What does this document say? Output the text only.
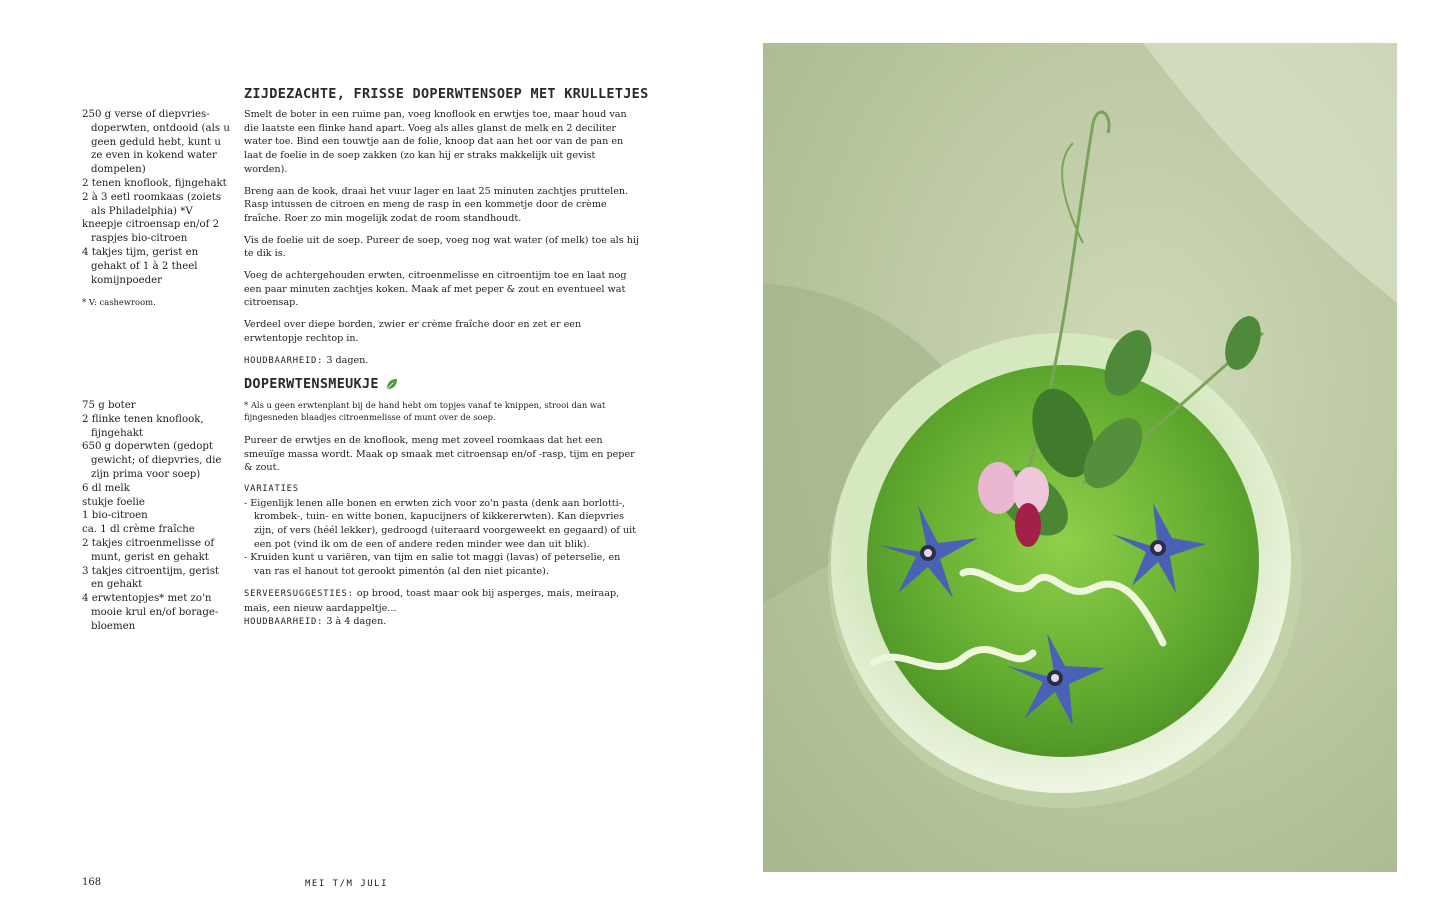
ZIJDEZACHTE, FRISSE DOPERWTENSOEP MET KRULLETJES
250 g verse of diepvries-doperwten, ontdooid (als u geen geduld hebt, kunt u ze even in kokend water dompelen)
2 tenen knoflook, fijngehakt
2 à 3 eetl roomkaas (zoiets als Philadelphia) *V
kneepje citroensap en/of 2 raspjes bio-citroen
4 takjes tijm, gerist en gehakt of 1 à 2 theel komijnpoeder
* V: cashewroom.

Smelt de boter in een ruime pan, voeg knoflook en erwtjes toe, maar houd van die laatste een flinke hand apart. Voeg als alles glanst de melk en 2 deciliter water toe. Bind een touwtje aan de folie, knoop dat aan het oor van de pan en laat de foelie in de soep zakken (zo kan hij er straks makkelijk uit gevist worden).

Breng aan de kook, draai het vuur lager en laat 25 minuten zachtjes pruttelen. Rasp intussen de citroen en meng de rasp in een kommetje door de crème fraîche. Roer zo min mogelijk zodat de room standhoudt.

Vis de foelie uit de soep. Pureer de soep, voeg nog wat water (of melk) toe als hij te dik is.

Voeg de achtergehouden erwten, citroenmelisse en citroentijm toe en laat nog een paar minuten zachtjes koken. Maak af met peper & zout en eventueel wat citroensap.

Verdeel over diepe borden, zwier er crème fraîche door en zet er een erwtentopje rechtop in.

HOUDBAARHEID: 3 dagen.

DOPERWTENSMEUKJE
75 g boter
2 flinke tenen knoflook, fijngehakt
650 g doperwten (gedopt gewicht; of diepvries, die zijn prima voor soep)
6 dl melk
stukje foelie
1 bio-citroen
ca. 1 dl crème fraîche
2 takjes citroenmelisse of munt, gerist en gehakt
3 takjes citroentijm, gerist en gehakt
4 erwtentopjes* met zo'n mooie krul en/of borage-bloemen

* Als u geen erwtenplant bij de hand hebt om topjes vanaf te knippen, strooi dan wat fijngesneden blaadjes citroenmelisse of munt over de soep.

Pureer de erwtjes en de knoflook, meng met zoveel roomkaas dat het een smeuïge massa wordt. Maak op smaak met citroensap en/of -rasp, tijm en peper & zout.

VARIATIES
- Eigenlijk lenen alle bonen en erwten zich voor zo'n pasta (denk aan borlotti-, krombek-, tuin- en witte bonen, kapucijners of kikkererwten). Kan diepvries zijn, of vers (héél lekker), gedroogd (uiteraard voorgeweekt en gegaard) of uit een pot (vind ik om de een of andere reden minder wee dan uit blik).
- Kruiden kunt u variëren, van tijm en salie tot maggi (lavas) of peterselie, en van ras el hanout tot gerookt pimentón (al den niet picante).
SERVEERSUGGESTIES: op brood, toast maar ook bij asperges, mais, meiraap, mais, een nieuw aardappeltje...
HOUDBAARHEID: 3 à 4 dagen.
168	MEI T/M JULI
